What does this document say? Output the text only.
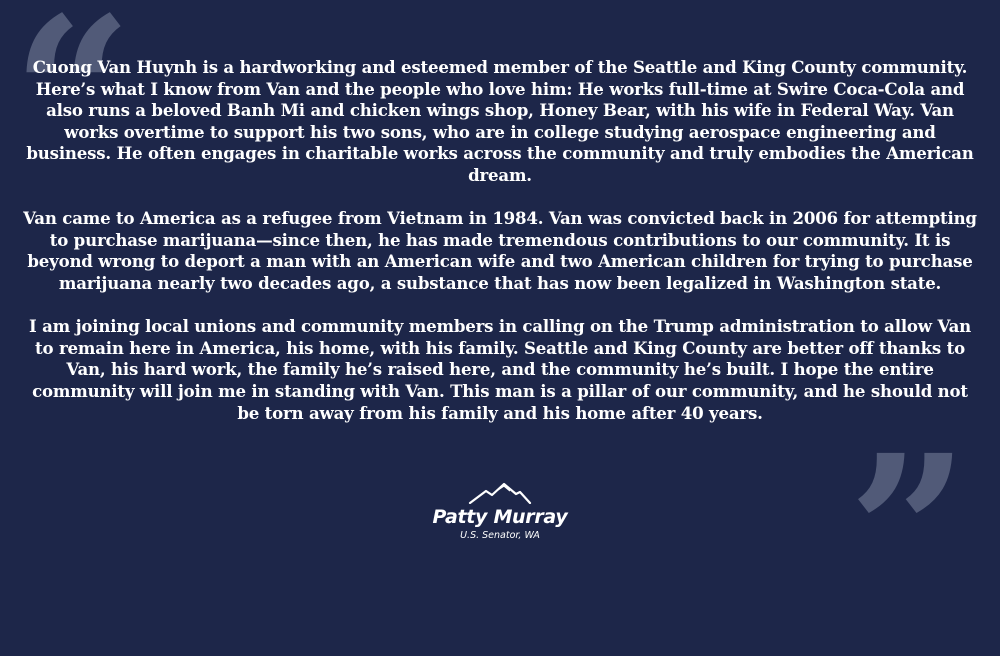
“
”

Cuong Van Huynh is a hardworking and esteemed member of the Seattle and King County community. Here’s what I know from Van and the people who love him: He works full-time at Swire Coca-Cola and also runs a beloved Banh Mi and chicken wings shop, Honey Bear, with his wife in Federal Way. Van works overtime to support his two sons, who are in college studying aerospace engineering and business. He often engages in charitable works across the community and truly embodies the American dream.

Van came to America as a refugee from Vietnam in 1984. Van was convicted back in 2006 for attempting to purchase marijuana—since then, he has made tremendous contributions to our community. It is beyond wrong to deport a man with an American wife and two American children for trying to purchase marijuana nearly two decades ago, a substance that has now been legalized in Washington state.

I am joining local unions and community members in calling on the Trump administration to allow Van to remain here in America, his home, with his family. Seattle and King County are better off thanks to Van, his hard work, the family he’s raised here, and the community he’s built. I hope the entire community will join me in standing with Van. This man is a pillar of our community, and he should not be torn away from his family and his home after 40 years.

Patty Murray
U.S. Senator, WA
